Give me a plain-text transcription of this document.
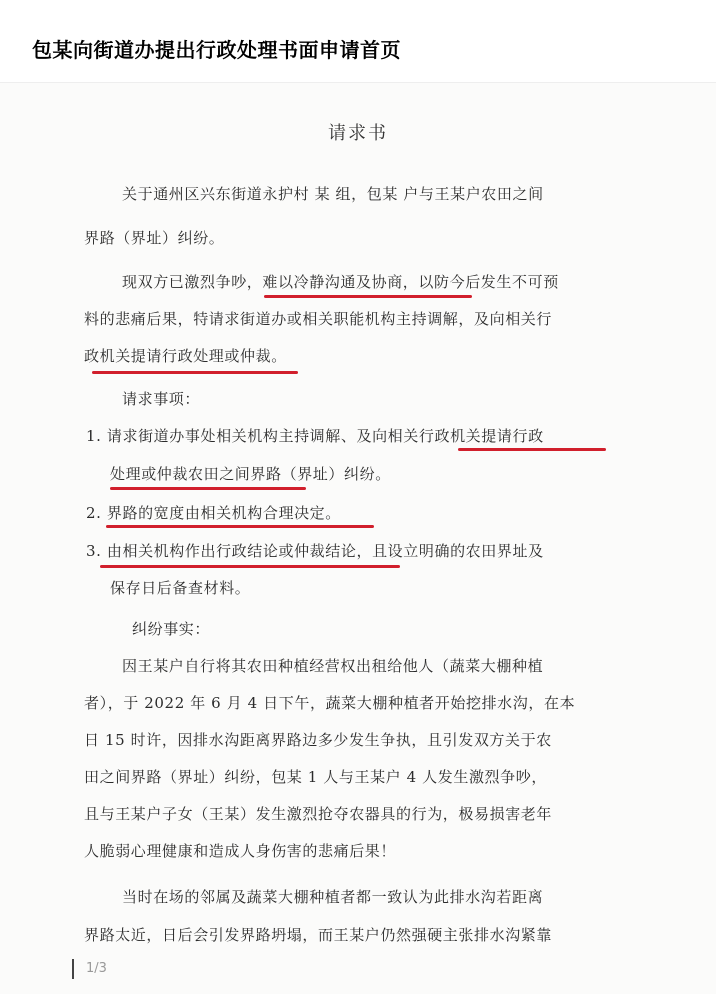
包某向街道办提出行政处理书面申请首页
请求书
关于通州区兴东街道永护村 某 组，包某 户与王某户农田之间
界路（界址）纠纷。
现双方已激烈争吵，难以冷静沟通及协商，以防今后发生不可预
料的悲痛后果，特请求街道办或相关职能机构主持调解，及向相关行
政机关提请行政处理或仲裁。
请求事项：
1. 请求街道办事处相关机构主持调解、及向相关行政机关提请行政
处理或仲裁农田之间界路（界址）纠纷。
2. 界路的宽度由相关机构合理决定。
3. 由相关机构作出行政结论或仲裁结论，且设立明确的农田界址及
保存日后备查材料。
纠纷事实：
因王某户自行将其农田种植经营权出租给他人（蔬菜大棚种植
者），于 2022 年 6 月 4 日下午，蔬菜大棚种植者开始挖排水沟，在本
日 15 时许，因排水沟距离界路边多少发生争执，且引发双方关于农
田之间界路（界址）纠纷，包某 1 人与王某户 4 人发生激烈争吵，
且与王某户子女（王某）发生激烈抢夺农器具的行为，极易损害老年
人脆弱心理健康和造成人身伤害的悲痛后果！
当时在场的邻属及蔬菜大棚种植者都一致认为此排水沟若距离
界路太近，日后会引发界路坍塌，而王某户仍然强硬主张排水沟紧靠
1/3
